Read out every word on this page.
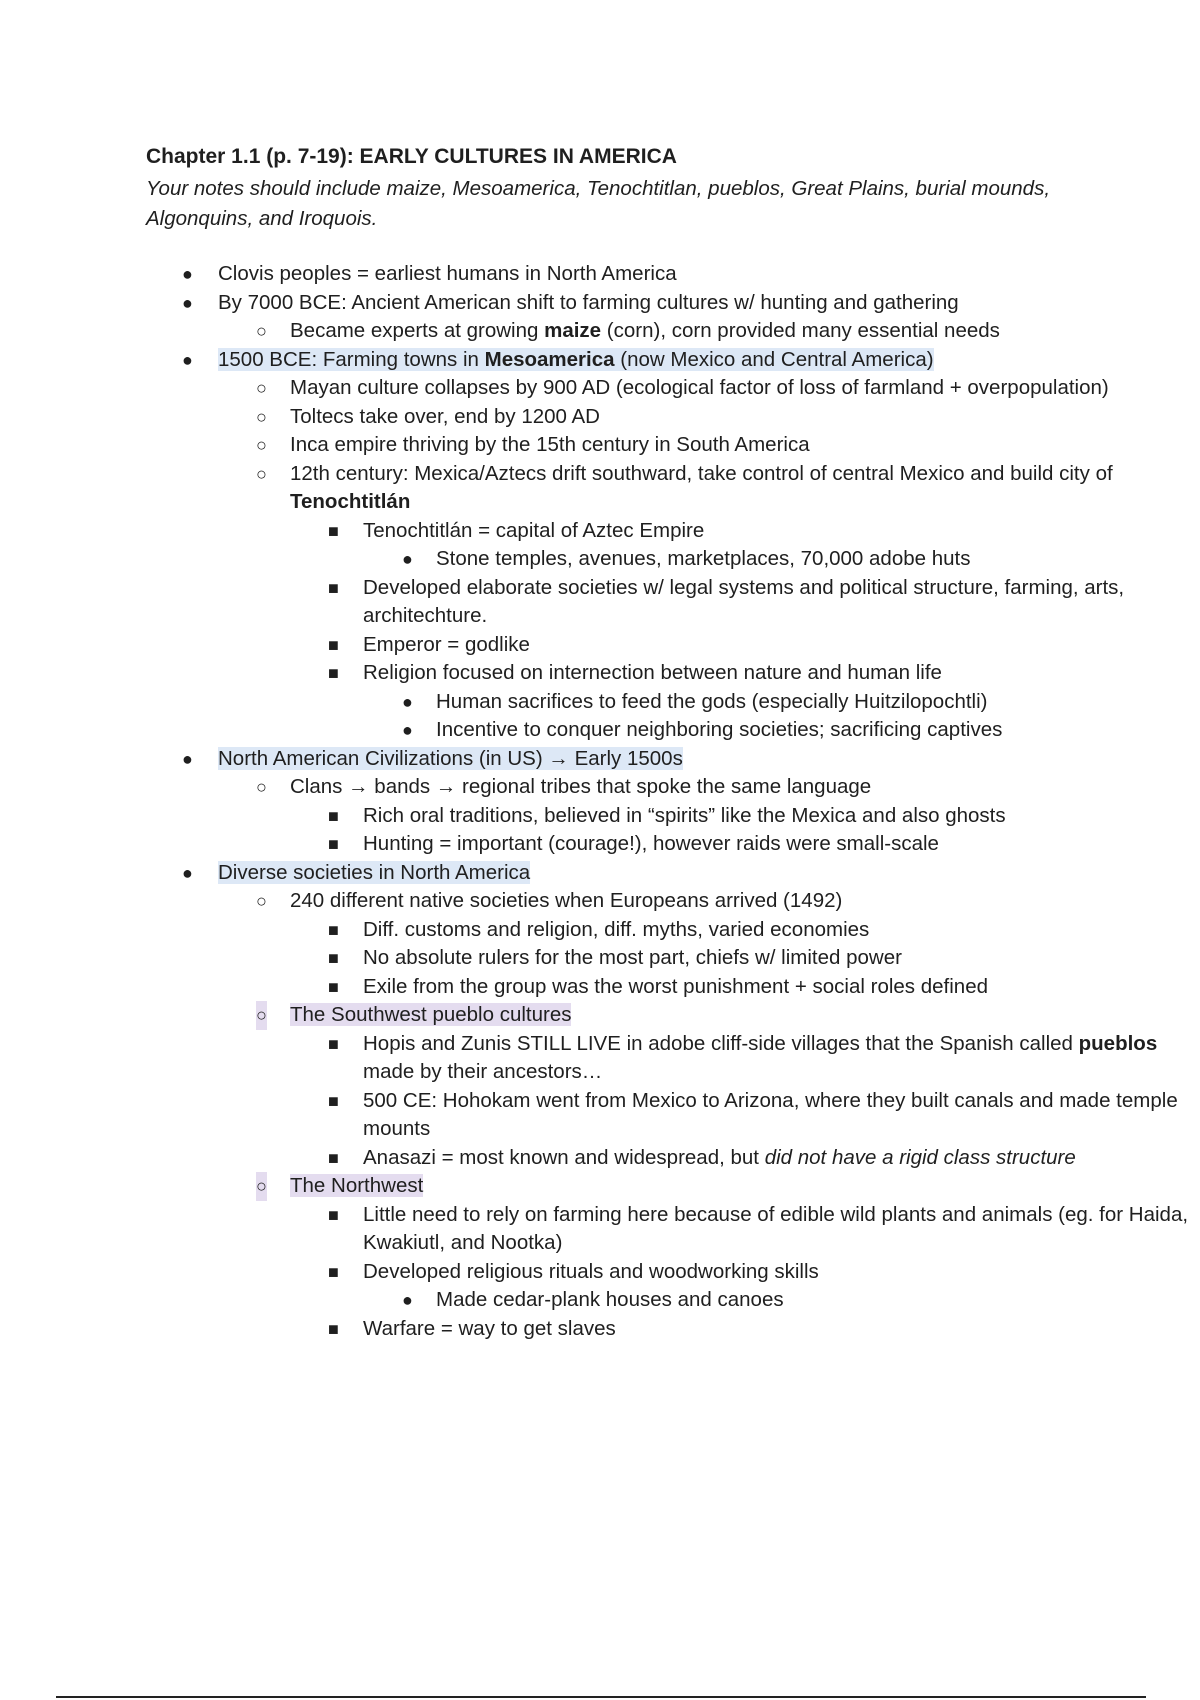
Chapter 1.1 (p. 7-19): EARLY CULTURES IN AMERICA

Your notes should include maize, Mesoamerica, Tenochtitlan, pueblos, Great Plains, burial mounds, Algonquins, and Iroquois.

● Clovis peoples = earliest humans in North America
● By 7000 BCE: Ancient American shift to farming cultures w/ hunting and gathering
○ Became experts at growing maize (corn), corn provided many essential needs
● 1500 BCE: Farming towns in Mesoamerica (now Mexico and Central America)
○ Mayan culture collapses by 900 AD (ecological factor of loss of farmland + overpopulation)
○ Toltecs take over, end by 1200 AD
○ Inca empire thriving by the 15th century in South America
○ 12th century: Mexica/Aztecs drift southward, take control of central Mexico and build city of Tenochtitlán
■ Tenochtitlán = capital of Aztec Empire
● Stone temples, avenues, marketplaces, 70,000 adobe huts
■ Developed elaborate societies w/ legal systems and political structure, farming, arts, architechture.
■ Emperor = godlike
■ Religion focused on internection between nature and human life
● Human sacrifices to feed the gods (especially Huitzilopochtli)
● Incentive to conquer neighboring societies; sacrificing captives
● North American Civilizations (in US) → Early 1500s
○ Clans → bands → regional tribes that spoke the same language
■ Rich oral traditions, believed in “spirits” like the Mexica and also ghosts
■ Hunting = important (courage!), however raids were small-scale
● Diverse societies in North America
○ 240 different native societies when Europeans arrived (1492)
■ Diff. customs and religion, diff. myths, varied economies
■ No absolute rulers for the most part, chiefs w/ limited power
■ Exile from the group was the worst punishment + social roles defined
○ The Southwest pueblo cultures
■ Hopis and Zunis STILL LIVE in adobe cliff-side villages that the Spanish called pueblos made by their ancestors…
■ 500 CE: Hohokam went from Mexico to Arizona, where they built canals and made temple mounts
■ Anasazi = most known and widespread, but did not have a rigid class structure
○ The Northwest
■ Little need to rely on farming here because of edible wild plants and animals (eg. for Haida, Kwakiutl, and Nootka)
■ Developed religious rituals and woodworking skills
● Made cedar-plank houses and canoes
■ Warfare = way to get slaves
